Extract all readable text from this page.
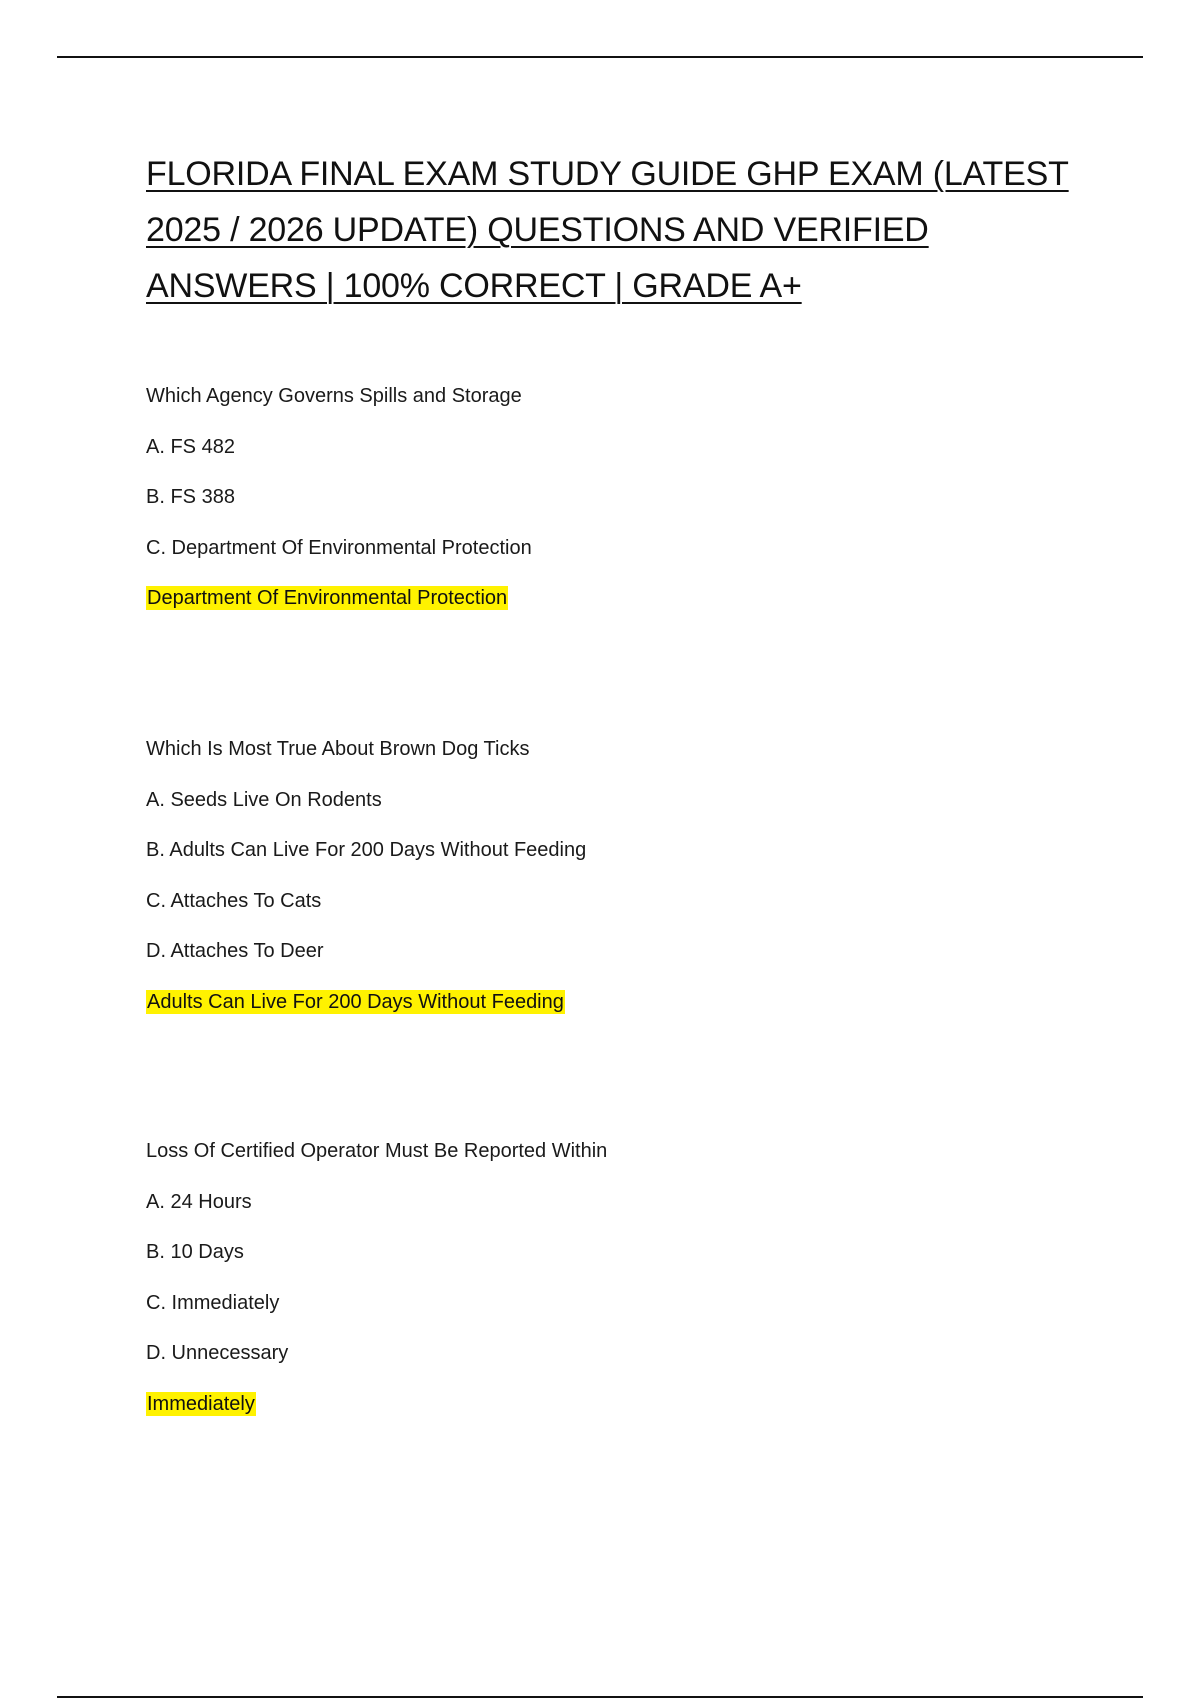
FLORIDA FINAL EXAM STUDY GUIDE GHP EXAM (LATEST
2025 / 2026 UPDATE) QUESTIONS AND VERIFIED
ANSWERS | 100% CORRECT | GRADE A+
Which Agency Governs Spills and Storage
A. FS 482
B. FS 388
C. Department Of Environmental Protection
Department Of Environmental Protection
Which Is Most True About Brown Dog Ticks
A. Seeds Live On Rodents
B. Adults Can Live For 200 Days Without Feeding
C. Attaches To Cats
D. Attaches To Deer
Adults Can Live For 200 Days Without Feeding
Loss Of Certified Operator Must Be Reported Within
A. 24 Hours
B. 10 Days
C. Immediately
D. Unnecessary
Immediately
